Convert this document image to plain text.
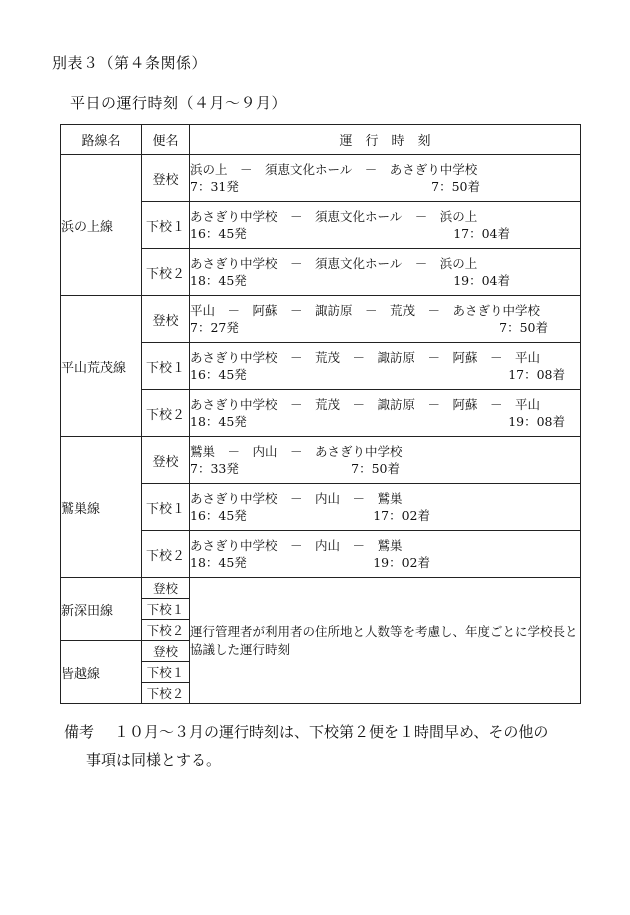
別表３（第４条関係）
平日の運行時刻（４月～９月）
路線名	便名	運　行　時　刻
浜の上線	登校	浜の上　－　須恵文化ホール　－　あさぎり中学校
7：31発 7：50着

	下校１	あさぎり中学校　－　須恵文化ホール　－　浜の上
16：45発 17：04着

	下校２	あさぎり中学校　－　須恵文化ホール　－　浜の上
18：45発 19：04着

平山荒茂線	登校	平山　－　阿蘇　－　諏訪原　－　荒茂　－　あさぎり中学校
7：27発 7：50着

	下校１	あさぎり中学校　－　荒茂　－　諏訪原　－　阿蘇　－　平山
16：45発 17：08着

	下校２	あさぎり中学校　－　荒茂　－　諏訪原　－　阿蘇　－　平山
18：45発 19：08着

鷲巣線	登校	鷲巣　－　内山　－　あさぎり中学校
7：33発 7：50着

	下校１	あさぎり中学校　－　内山　－　鷲巣
16：45発 17：02着

	下校２	あさぎり中学校　－　内山　－　鷲巣
18：45発 19：02着

新深田線	登校	運行管理者が利用者の住所地と人数等を考慮し、年度ごとに学校長と協議した運行時刻
	下校１	
	下校２	
皆越線	登校	
	下校１	
	下校２	
備考 １０月～３月の運行時刻は、下校第２便を１時間早め、その他の
事項は同様とする。
